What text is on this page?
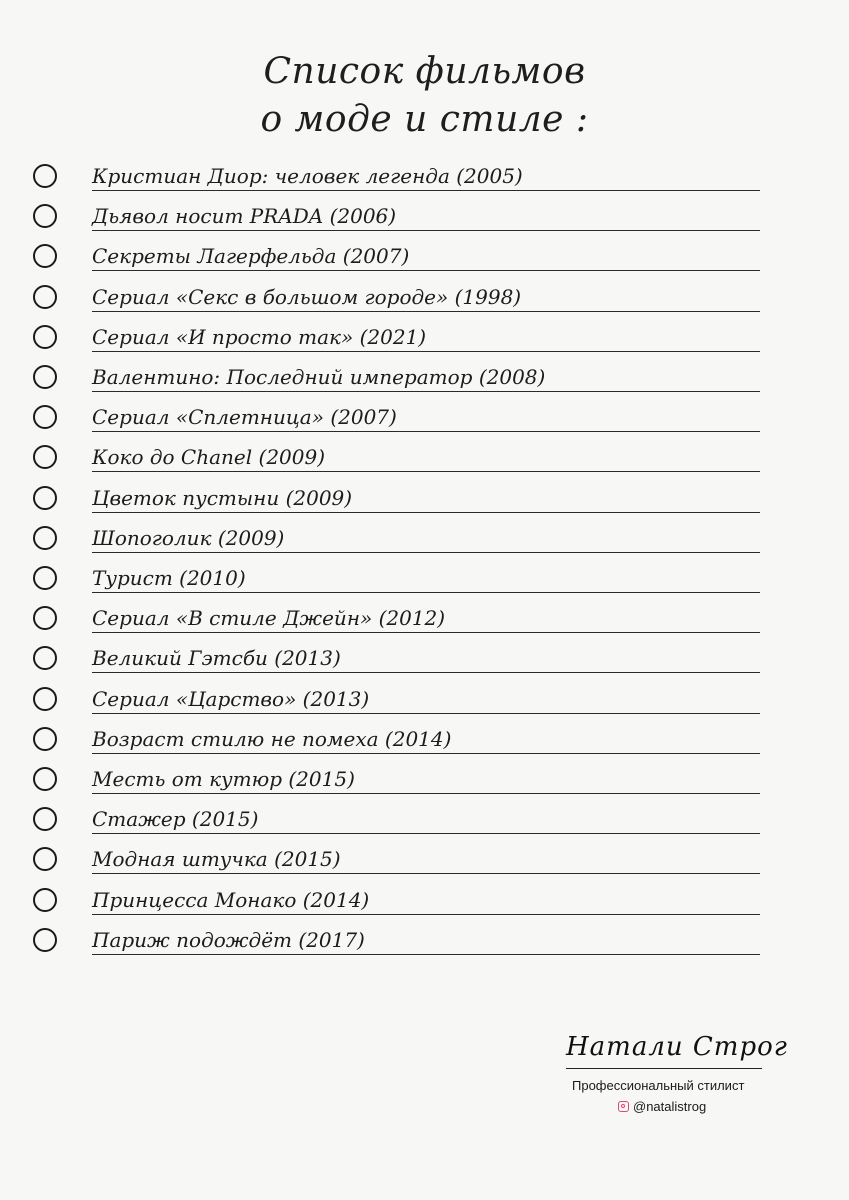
Список фильмов
о моде и стиле :
Кристиан Диор: человек легенда (2005)
Дьявол носит PRADA (2006)
Секреты Лагерфельда (2007)
Сериал «Секс в большом городе» (1998)
Сериал «И просто так» (2021)
Валентино: Последний император (2008)
Сериал «Сплетница» (2007)
Коко до Chanel (2009)
Цветок пустыни (2009)
Шопоголик (2009)
Турист (2010)
Сериал «В стиле Джейн» (2012)
Великий Гэтсби (2013)
Сериал «Царство» (2013)
Возраст стилю не помеха (2014)
Месть от кутюр (2015)
Стажер (2015)
Модная штучка (2015)
Принцесса Монако (2014)
Париж подождёт (2017)
Натали Строг
Профессиональный стилист
@natalistrog
